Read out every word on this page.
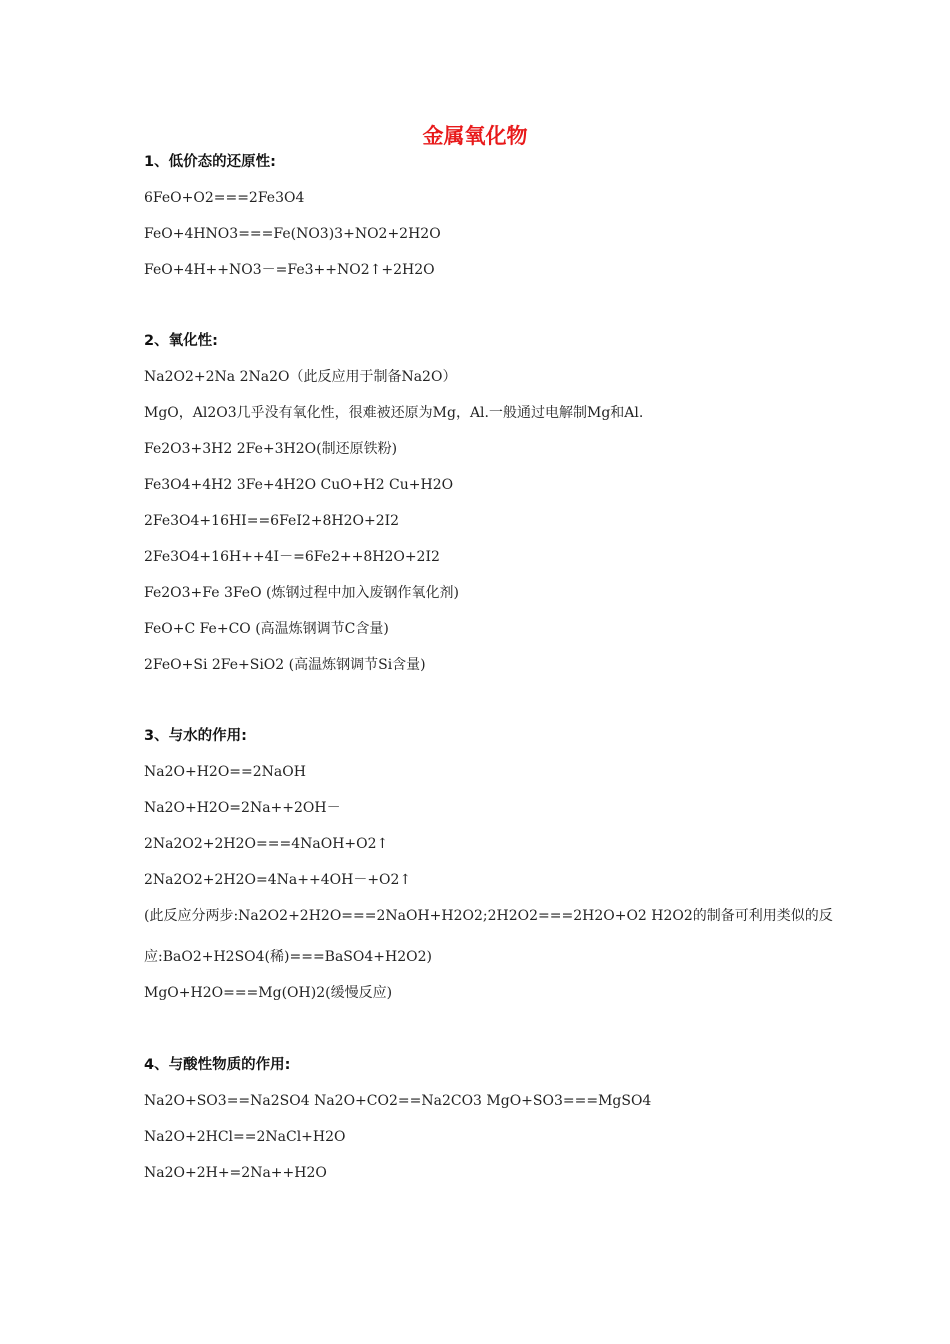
金属氧化物
1、低价态的还原性:
6FeO+O2===2Fe3O4
FeO+4HNO3===Fe(NO3)3+NO2+2H2O
FeO+4H++NO3－=Fe3++NO2↑+2H2O
2、氧化性:
Na2O2+2Na 2Na2O（此反应用于制备Na2O）
MgO，Al2O3几乎没有氧化性，很难被还原为Mg，Al.一般通过电解制Mg和Al.
Fe2O3+3H2 2Fe+3H2O(制还原铁粉)
Fe3O4+4H2 3Fe+4H2O CuO+H2 Cu+H2O
2Fe3O4+16HI==6FeI2+8H2O+2I2
2Fe3O4+16H++4I－=6Fe2++8H2O+2I2
Fe2O3+Fe 3FeO (炼钢过程中加入废钢作氧化剂)
FeO+C Fe+CO (高温炼钢调节C含量)
2FeO+Si 2Fe+SiO2 (高温炼钢调节Si含量)
3、与水的作用:
Na2O+H2O==2NaOH
Na2O+H2O=2Na++2OH－
2Na2O2+2H2O===4NaOH+O2↑
2Na2O2+2H2O=4Na++4OH－+O2↑
(此反应分两步:Na2O2+2H2O===2NaOH+H2O2;2H2O2===2H2O+O2 H2O2的制备可利用类似的反
应:BaO2+H2SO4(稀)===BaSO4+H2O2)
MgO+H2O===Mg(OH)2(缓慢反应)
4、与酸性物质的作用:
Na2O+SO3==Na2SO4 Na2O+CO2==Na2CO3 MgO+SO3===MgSO4
Na2O+2HCl==2NaCl+H2O
Na2O+2H+=2Na++H2O
